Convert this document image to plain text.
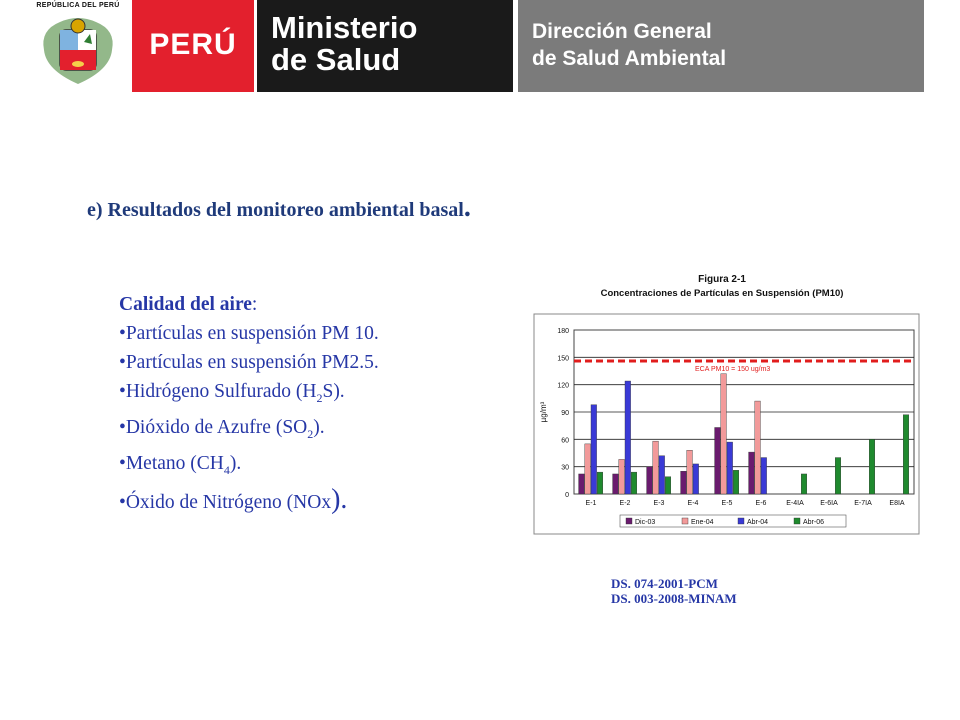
REPÚBLICA DEL PERÚ
PERÚ	Ministerio
de Salud
Dirección General
de Salud Ambiental
e) Resultados del monitoreo ambiental basal.
Calidad del aire:
•Partículas en suspensión PM 10.
•Partículas en suspensión PM2.5.
•Hidrógeno Sulfurado $(H_2S)$.
•Dióxido de Azufre $(SO_2)$.
•Metano $(CH_4)$.
•Óxido de Nitrógeno (NOx).
Figura 2-1
Concentraciones de Partículas en Suspensión (PM10)
0
30
60
90
120
150
180
µg/m³
E-1	E-2	E-3	E-4	E-5	E-6	E-4IA E-6IA E-7IA	E8IA
ECA PM10 = 150 ug/m3
Dic-03	Ene-04	Abr-04	Abr-06
DS. 074-2001-PCM
DS. 003-2008-MINAM
